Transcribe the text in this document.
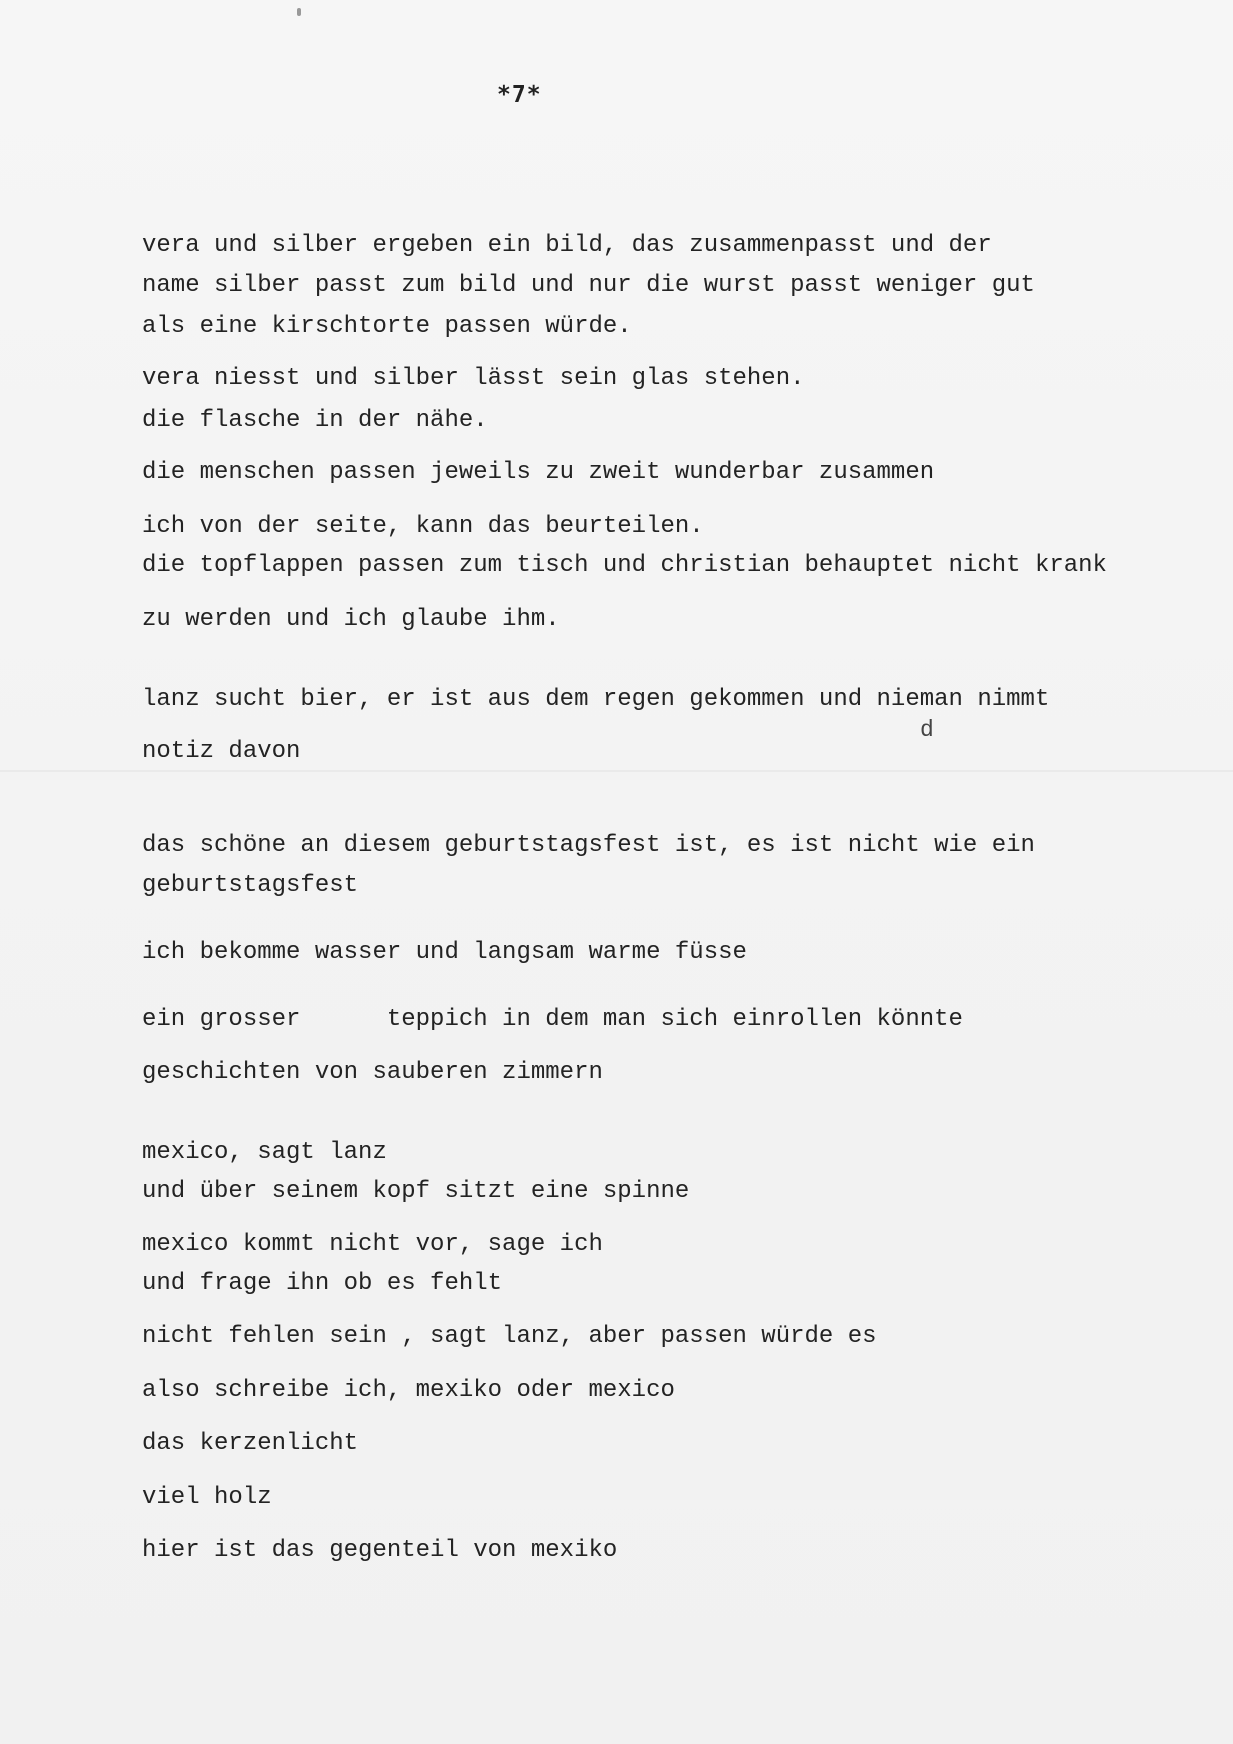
*7*
vera und silber ergeben ein bild, das zusammenpasst und der
name silber passt zum bild und nur die wurst passt weniger gut
als eine kirschtorte passen würde.
vera niesst und silber lässt sein glas stehen.
die flasche in der nähe.
die menschen passen jeweils zu zweit wunderbar zusammen
ich von der seite, kann das beurteilen.
die topflappen passen zum tisch und christian behauptet nicht krank
zu werden und ich glaube ihm.
lanz sucht bier, er ist aus dem regen gekommen und nieman nimmt
d
notiz davon
das schöne an diesem geburtstagsfest ist, es ist nicht wie ein
geburtstagsfest
ich bekomme wasser und langsam warme füsse
ein grosser      teppich in dem man sich einrollen könnte
geschichten von sauberen zimmern
mexico, sagt lanz
und über seinem kopf sitzt eine spinne
mexico kommt nicht vor, sage ich
und frage ihn ob es fehlt
nicht fehlen sein , sagt lanz, aber passen würde es
also schreibe ich, mexiko oder mexico
das kerzenlicht
viel holz
hier ist das gegenteil von mexiko
